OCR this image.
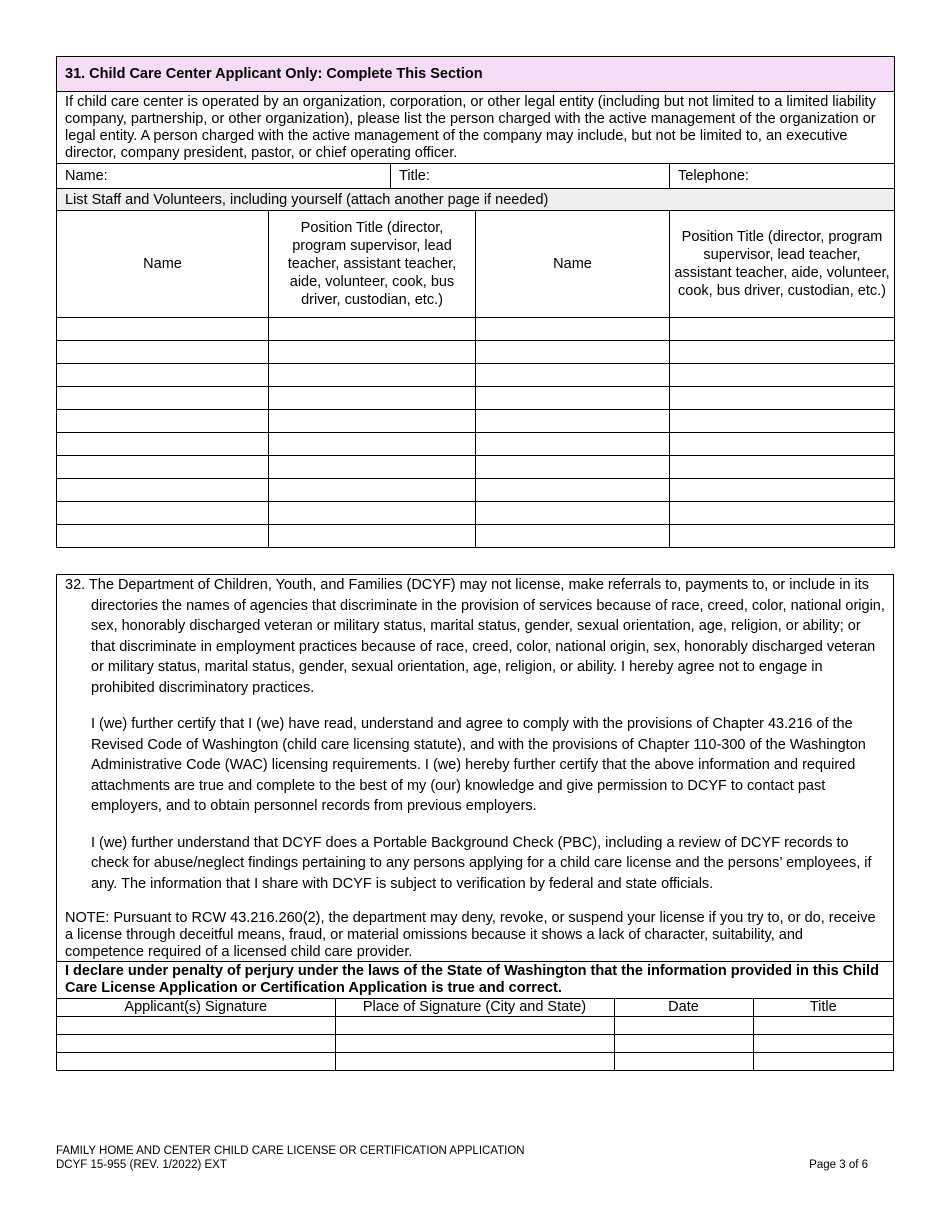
31. Child Care Center Applicant Only: Complete This Section				
If child care center is operated by an organization, corporation, or other legal entity (including but not limited to a limited liability company, partnership, or other organization), please list the person charged with the active management of the organization or legal entity. A person charged with the active management of the company may include, but not be limited to, an executive director, company president, pastor, or chief operating officer.				
Name:		Title:		Telephone:
List Staff and Volunteers, including yourself (attach another page if needed)				
Name	Position Title (director, program supervisor, lead teacher, assistant teacher, aide, volunteer, cook, bus driver, custodian, etc.)		Name	Position Title (director, program supervisor, lead teacher, assistant teacher, aide, volunteer, cook, bus driver, custodian, etc.)

32. The Department of Children, Youth, and Families (DCYF) may not license, make referrals to, payments to, or include in its directories the names of agencies that discriminate in the provision of services because of race, creed, color, national origin, sex, honorably discharged veteran or military status, marital status, gender, sexual orientation, age, religion, or ability; or that discriminate in employment practices because of race, creed, color, national origin, sex, honorably discharged veteran or military status, marital status, gender, sexual orientation, age, religion, or ability. I hereby agree not to engage in prohibited discriminatory practices.

I (we) further certify that I (we) have read, understand and agree to comply with the provisions of Chapter 43.216 of the Revised Code of Washington (child care licensing statute), and with the provisions of Chapter 110-300 of the Washington Administrative Code (WAC) licensing requirements. I (we) hereby further certify that the above information and required attachments are true and complete to the best of my (our) knowledge and give permission to DCYF to contact past employers, and to obtain personnel records from previous employers.

I (we) further understand that DCYF does a Portable Background Check (PBC), including a review of DCYF records to check for abuse/neglect findings pertaining to any persons applying for a child care license and the persons’ employees, if any. The information that I share with DCYF is subject to verification by federal and state officials.

NOTE: Pursuant to RCW 43.216.260(2), the department may deny, revoke, or suspend your license if you try to, or do, receive a license through deceitful means, fraud, or material omissions because it shows a lack of character, suitability, and competence required of a licensed child care provider.

I declare under penalty of perjury under the laws of the State of Washington that the information provided in this Child Care License Application or Certification Application is true and correct.
Applicant(s) Signature	Place of Signature (City and State)	Date	Title

FAMILY HOME AND CENTER CHILD CARE LICENSE OR CERTIFICATION APPLICATION
DCYF 15-955 (REV. 1/2022) EXT	Page 3 of 6
